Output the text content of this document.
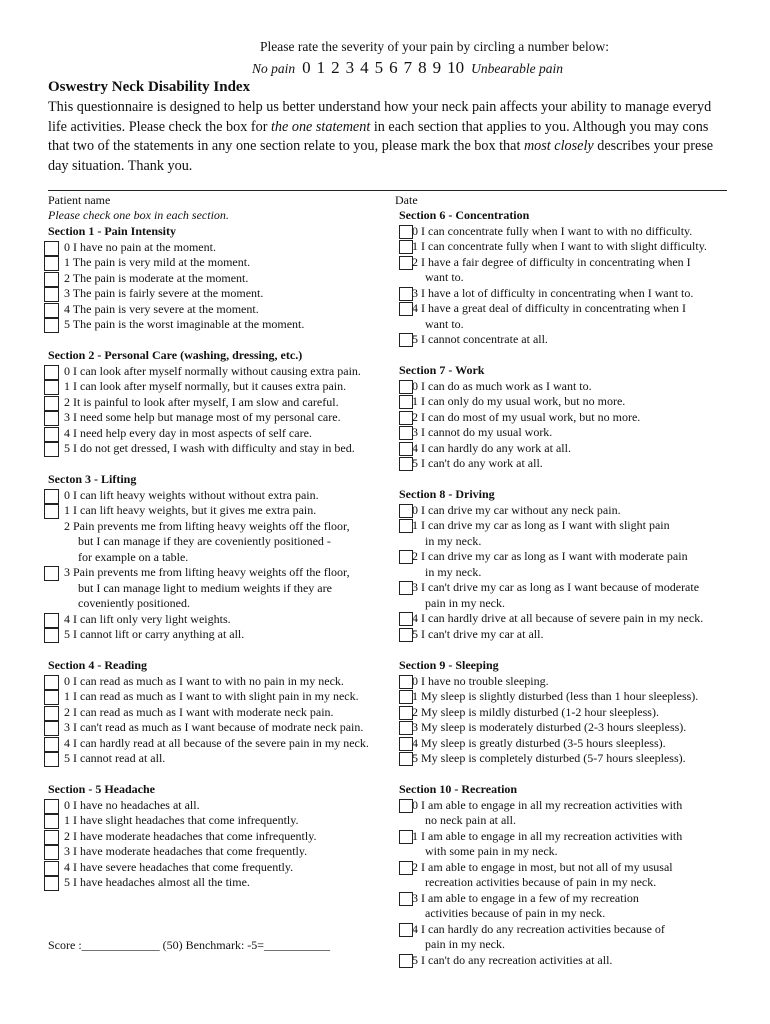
Please rate the severity of your pain by circling a number below:
No pain 0 1 2 3 4 5 6 7 8 9 10 Unbearable pain
Oswestry Neck Disability Index
This questionnaire is designed to help us better understand how your neck pain affects your ability to manage everyd
life activities. Please check the box for the one statement in each section that applies to you. Although you may cons
that two of the statements in any one section relate to you, please mark the box that most closely describes your prese
day situation. Thank you.
Patient name	Date
Please check one box in each section.
Section 1 - Pain Intensity
0 I have no pain at the moment.
1 The pain is very mild at the moment.
2 The pain is moderate at the moment.
3 The pain is fairly severe at the moment.
4 The pain is very severe at the moment.
5 The pain is the worst imaginable at the moment.
Section 2 - Personal Care (washing, dressing, etc.)
0 I can look after myself normally without causing extra pain.
1 I can look after myself normally, but it causes extra pain.
2 It is painful to look after myself, I am slow and careful.
3 I need some help but manage most of my personal care.
4 I need help every day in most aspects of self care.
5 I do not get dressed, I wash with difficulty and stay in bed.
Secton 3 - Lifting
0 I can lift heavy weights without without extra pain.
1 I can lift heavy weights, but it gives me extra pain.
2 Pain prevents me from lifting heavy weights off the floor,
but I can manage if they are coveniently positioned -
for example on a table.
3 Pain prevents me from lifting heavy weights off the floor,
but I can manage light to medium weights if they are
coveniently positioned.
4 I can lift only very light weights.
5 I cannot lift or carry anything at all.
Section 4 - Reading
0 I can read as much as I want to with no pain in my neck.
1 I can read as much as I want to with slight pain in my neck.
2 I can read as much as I want with moderate neck pain.
3 I can't read as much as I want because of modrate neck pain.
4 I can hardly read at all because of the severe pain in my neck.
5 I cannot read at all.
Section - 5 Headache
0 I have no headaches at all.
1 I have slight headaches that come infrequently.
2 I have moderate headaches that come infrequently.
3 I have moderate headaches that come frequently.
4 I have severe headaches that come frequently.
5 I have headaches almost all the time.
Section 6 - Concentration
0 I can concentrate fully when I want to with no difficulty.
1 I can concentrate fully when I want to with slight difficulty.
2 I have a fair degree of difficulty in concentrating when I
want to.
3 I have a lot of difficulty in concentrating when I want to.
4 I have a great deal of difficulty in concentrating when I
want to.
5 I cannot concentrate at all.
Section 7 - Work
0 I can do as much work as I want to.
1 I can only do my usual work, but no more.
2 I can do most of my usual work, but no more.
3 I cannot do my usual work.
4 I can hardly do any work at all.
5 I can't do any work at all.
Section 8 - Driving
0 I can drive my car without any neck pain.
1 I can drive my car as long as I want with slight pain
in my neck.
2 I can drive my car as long as I want with moderate pain
in my neck.
3 I can't drive my car as long as I want because of moderate
pain in my neck.
4 I can hardly drive at all because of severe pain in my neck.
5 I can't drive my car at all.
Section 9 - Sleeping
0 I have no trouble sleeping.
1 My sleep is slightly disturbed (less than 1 hour sleepless).
2 My sleep is mildly disturbed (1-2 hour sleepless).
3 My sleep is moderately disturbed (2-3 hours sleepless).
4 My sleep is greatly disturbed (3-5 hours sleepless).
5 My sleep is completely disturbed (5-7 hours sleepless).
Section 10 - Recreation
0 I am able to engage in all my recreation activities with
no neck pain at all.
1 I am able to engage in all my recreation activities with
with some pain in my neck.
2 I am able to engage in most, but not all of my ususal
recreation activities because of pain in my neck.
3 I am able to engage in a few of my recreation
activities because of pain in my neck.
4 I can hardly do any recreation activities because of
pain in my neck.
5 I can't do any recreation activities at all.
Score :_____________ (50) Benchmark: -5=___________
